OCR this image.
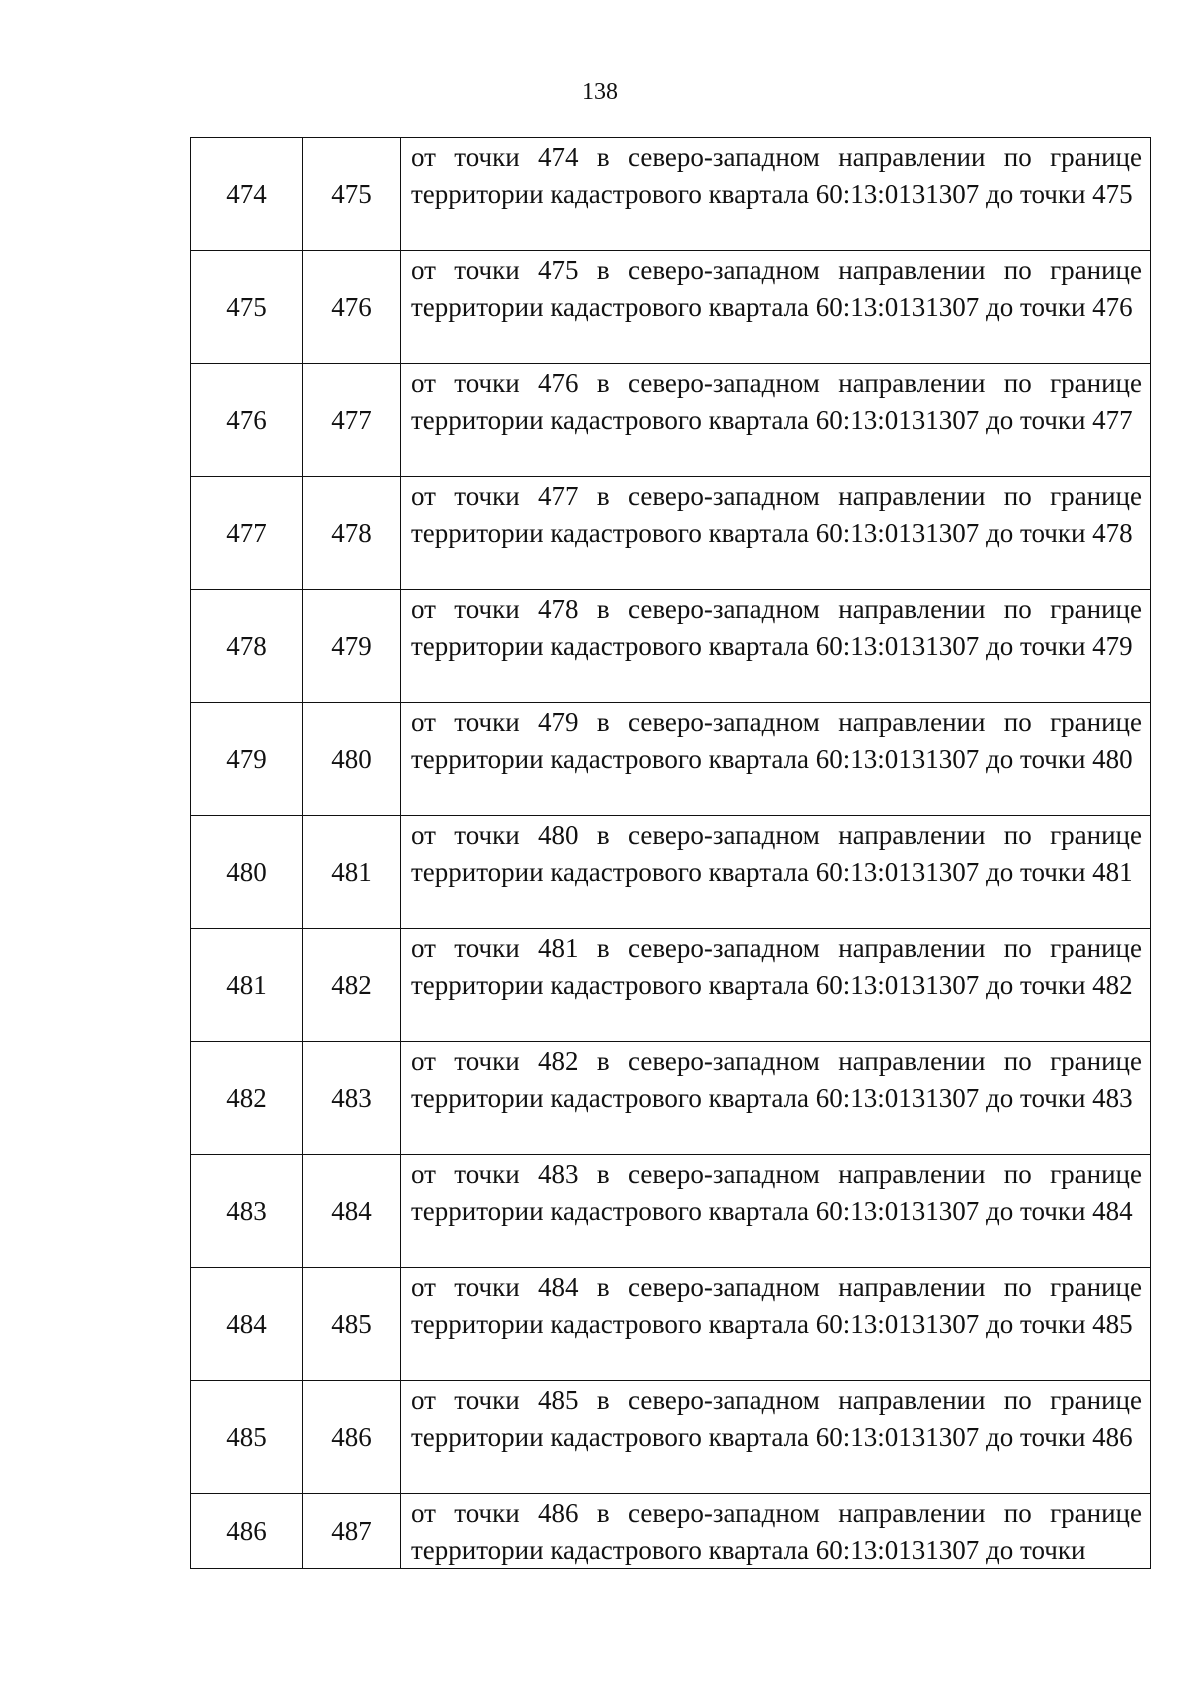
138
474	475	от точки 474 в северо-западном направлении по границе территории кадастрового квартала 60:13:0131307 до точки 475

475	476	от точки 475 в северо-западном направлении по границе территории кадастрового квартала 60:13:0131307 до точки 476

476	477	от точки 476 в северо-западном направлении по границе территории кадастрового квартала 60:13:0131307 до точки 477

477	478	от точки 477 в северо-западном направлении по границе территории кадастрового квартала 60:13:0131307 до точки 478

478	479	от точки 478 в северо-западном направлении по границе территории кадастрового квартала 60:13:0131307 до точки 479

479	480	от точки 479 в северо-западном направлении по границе территории кадастрового квартала 60:13:0131307 до точки 480

480	481	от точки 480 в северо-западном направлении по границе территории кадастрового квартала 60:13:0131307 до точки 481

481	482	от точки 481 в северо-западном направлении по границе территории кадастрового квартала 60:13:0131307 до точки 482

482	483	от точки 482 в северо-западном направлении по границе территории кадастрового квартала 60:13:0131307 до точки 483

483	484	от точки 483 в северо-западном направлении по границе территории кадастрового квартала 60:13:0131307 до точки 484

484	485	от точки 484 в северо-западном направлении по границе территории кадастрового квартала 60:13:0131307 до точки 485

485	486	от точки 485 в северо-западном направлении по границе территории кадастрового квартала 60:13:0131307 до точки 486

486	487	от точки 486 в северо-западном направлении по границе территории кадастрового квартала 60:13:0131307 до точки
